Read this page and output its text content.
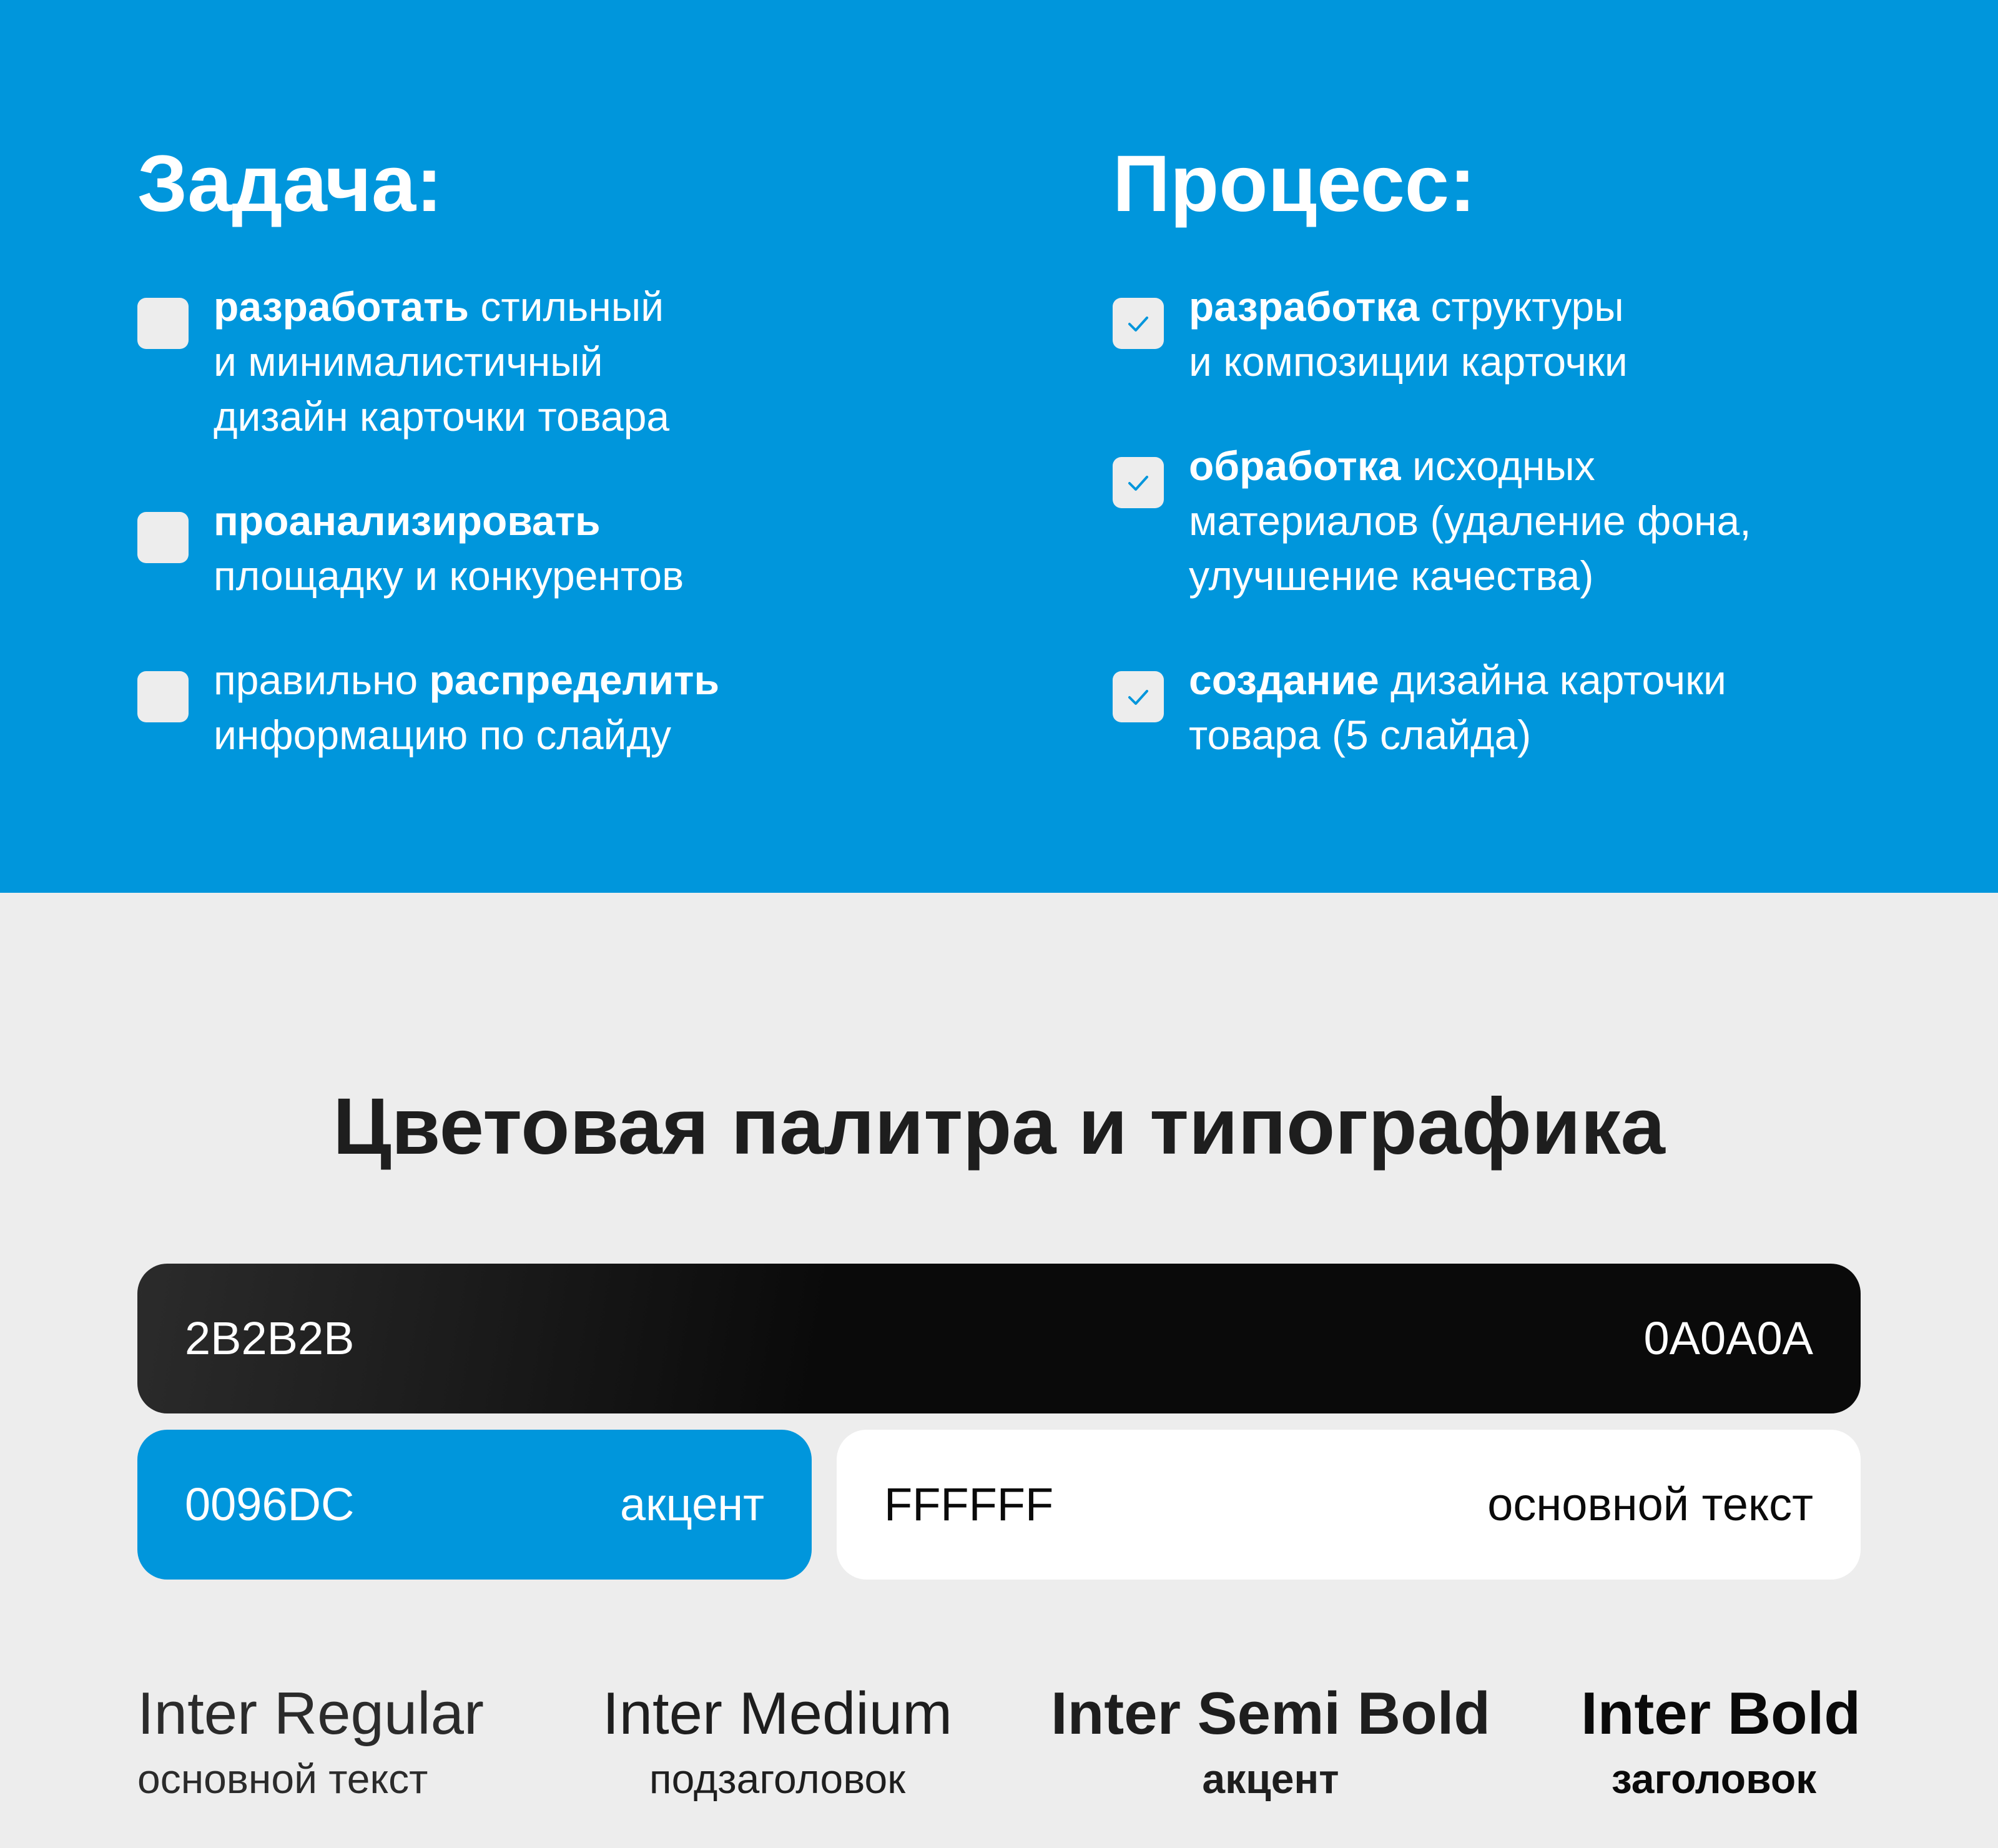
Задача:
разработать стильный
и минималистичный
дизайн карточки товара
проанализировать
площадку и конкурентов
правильно распределить
информацию по слайду
Процесс:
разработка структуры
и композиции карточки
обработка исходных
материалов (удаление фона,
улучшение качества)
создание дизайна карточки
товара (5 слайда)
Цветовая палитра и типографика
2B2B2B	0A0A0A
0096DC	акцент	FFFFFF	основной текст
Inter Regular
основной текст
Inter Medium
подзаголовок
Inter Semi Bold
акцент
Inter Bold
заголовок
